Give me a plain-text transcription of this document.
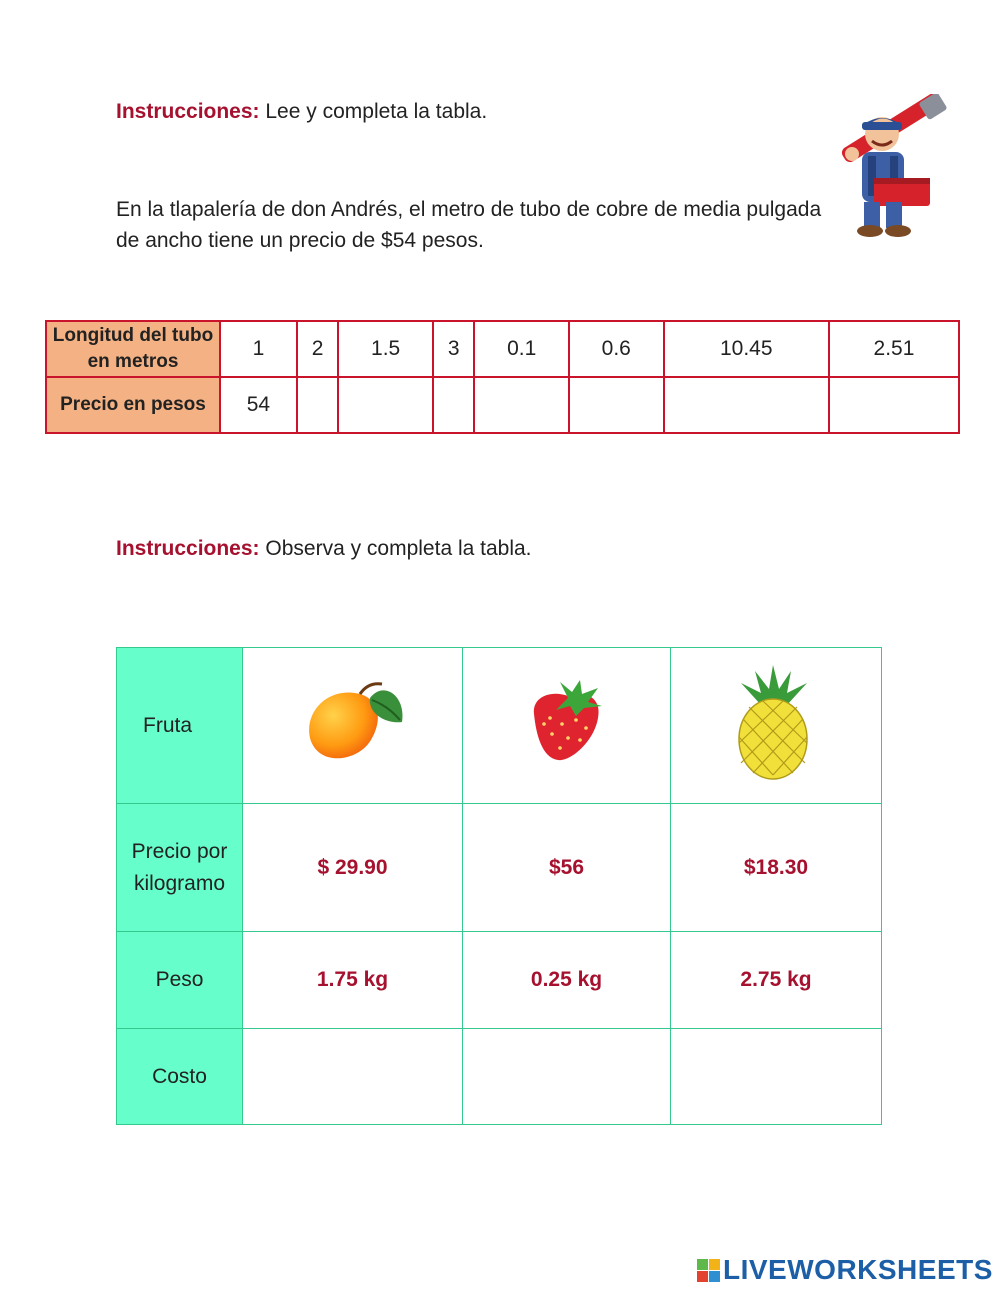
Instrucciones: Lee y completa la tabla.
En la tlapalería de don Andrés, el metro de tubo de cobre de media pulgada de ancho tiene un precio de $54 pesos.
Longitud del tubo en metros	1	2	1.5	3	0.1	0.6	10.45	2.51
Precio en pesos	54							
Instrucciones: Observa y completa la tabla.
Fruta			
Precio por kilogramo	$ 29.90	$56	$18.30
Peso	1.75 kg	0.25 kg	2.75 kg
Costo			
LIVEWORKSHEETS
